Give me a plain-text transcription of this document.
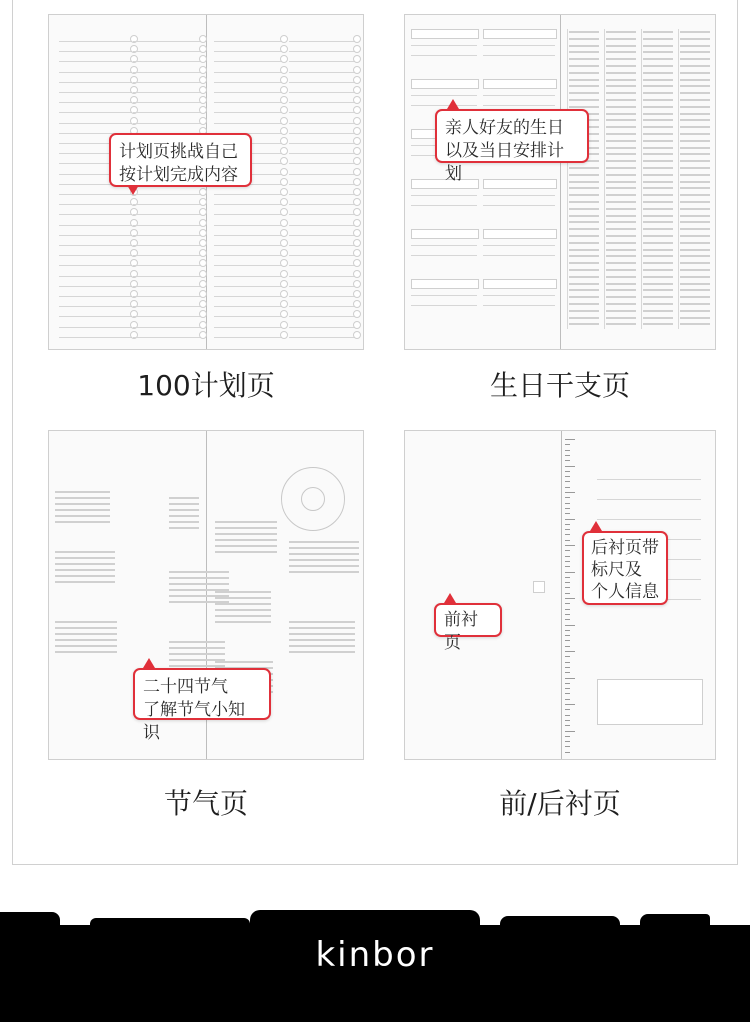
计划页挑战自己
按计划完成内容
100计划页
亲人好友的生日
以及当日安排计划
生日干支页
二十四节气
了解节气小知识
节气页
前衬页
后衬页带
标尺及
个人信息
前/后衬页
kinbor
